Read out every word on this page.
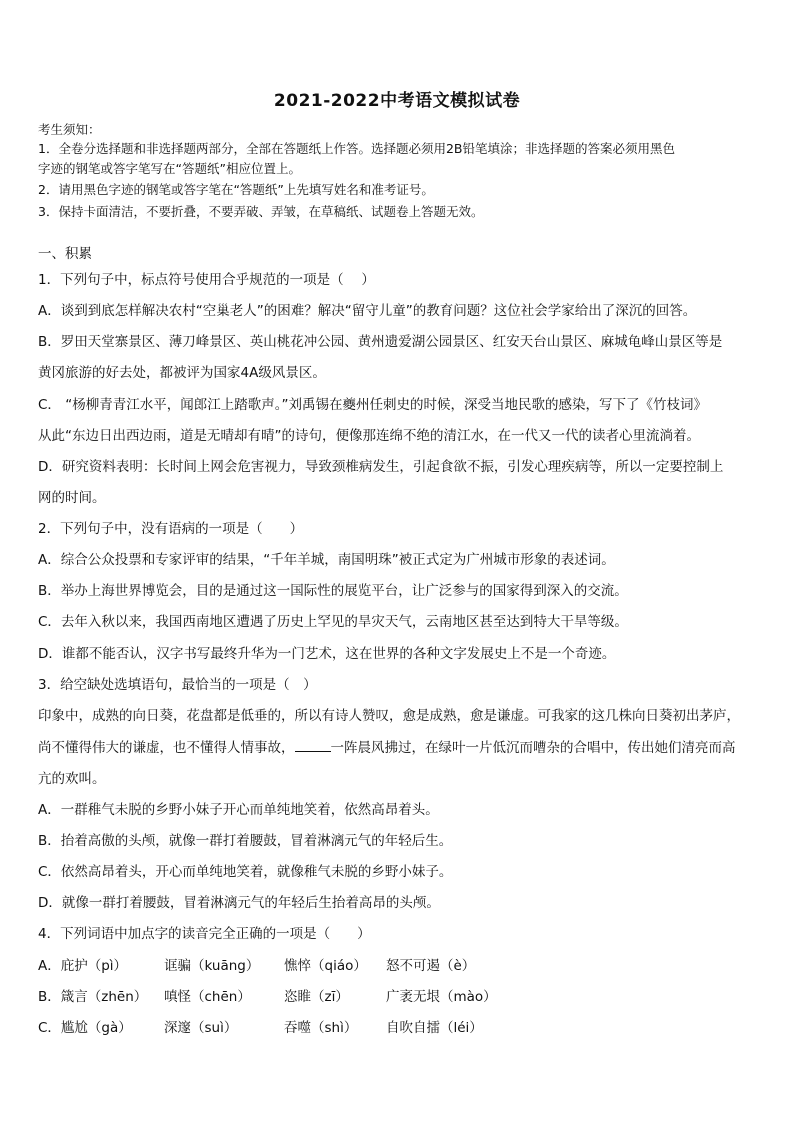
2021-2022中考语文模拟试卷
考生须知：
1．全卷分选择题和非选择题两部分，全部在答题纸上作答。选择题必须用2B铅笔填涂；非选择题的答案必须用黑色
字迹的钢笔或答字笔写在“答题纸”相应位置上。
2．请用黑色字迹的钢笔或答字笔在“答题纸”上先填写姓名和准考证号。
3．保持卡面清洁，不要折叠，不要弄破、弄皱，在草稿纸、试题卷上答题无效。
一、积累
1．下列句子中，标点符号使用合乎规范的一项是（　 ）
A．谈到到底怎样解决农村“空巢老人”的困难？解决“留守儿童”的教育问题？这位社会学家给出了深沉的回答。
B．罗田天堂寨景区、薄刀峰景区、英山桃花冲公园、黄州遗爱湖公园景区、红安天台山景区、麻城龟峰山景区等是
黄冈旅游的好去处，都被评为国家4A级风景区。
C． “杨柳青青江水平，闻郎江上踏歌声。”刘禹锡在夔州任刺史的时候，深受当地民歌的感染，写下了《竹枝词》
从此“东边日出西边雨，道是无晴却有晴”的诗句，便像那连绵不绝的清江水，在一代又一代的读者心里流淌着。
D．研究资料表明：长时间上网会危害视力，导致颈椎病发生，引起食欲不振，引发心理疾病等，所以一定要控制上
网的时间。
2．下列句子中，没有语病的一项是（　　）
A．综合公众投票和专家评审的结果，“千年羊城，南国明珠”被正式定为广州城市形象的表述词。
B．举办上海世界博览会，目的是通过这一国际性的展览平台，让广泛参与的国家得到深入的交流。
C．去年入秋以来，我国西南地区遭遇了历史上罕见的旱灾天气，云南地区甚至达到特大干旱等级。
D．谁都不能否认，汉字书写最终升华为一门艺术，这在世界的各种文字发展史上不是一个奇迹。
3．给空缺处选填语句，最恰当的一项是（　）
印象中，成熟的向日葵，花盘都是低垂的，所以有诗人赞叹，愈是成熟，愈是谦虚。可我家的这几株向日葵初出茅庐，
尚不懂得伟大的谦虚，也不懂得人情事故，	一阵晨风拂过，在绿叶一片低沉而嘈杂的合唱中，传出她们清亮而高
亢的欢叫。
A．一群稚气未脱的乡野小妹子开心而单纯地笑着，依然高昂着头。
B．抬着高傲的头颅，就像一群打着腰鼓，冒着淋漓元气的年轻后生。
C．依然高昂着头，开心而单纯地笑着，就像稚气未脱的乡野小妹子。
D．就像一群打着腰鼓，冒着淋漓元气的年轻后生抬着高昂的头颅。
4．下列词语中加点字的读音完全正确的一项是（　　）
A．庇护（pì）	诓骗（kuāng） 憔悴（qiáo） 怒不可遏（è）
B．箴言（zhēn） 嗔怪（chēn） 恣睢（zī）	广袤无垠（mào）
C．尴尬（gà） 深邃（suì）	吞噬（shì） 自吹自擂（léi）
